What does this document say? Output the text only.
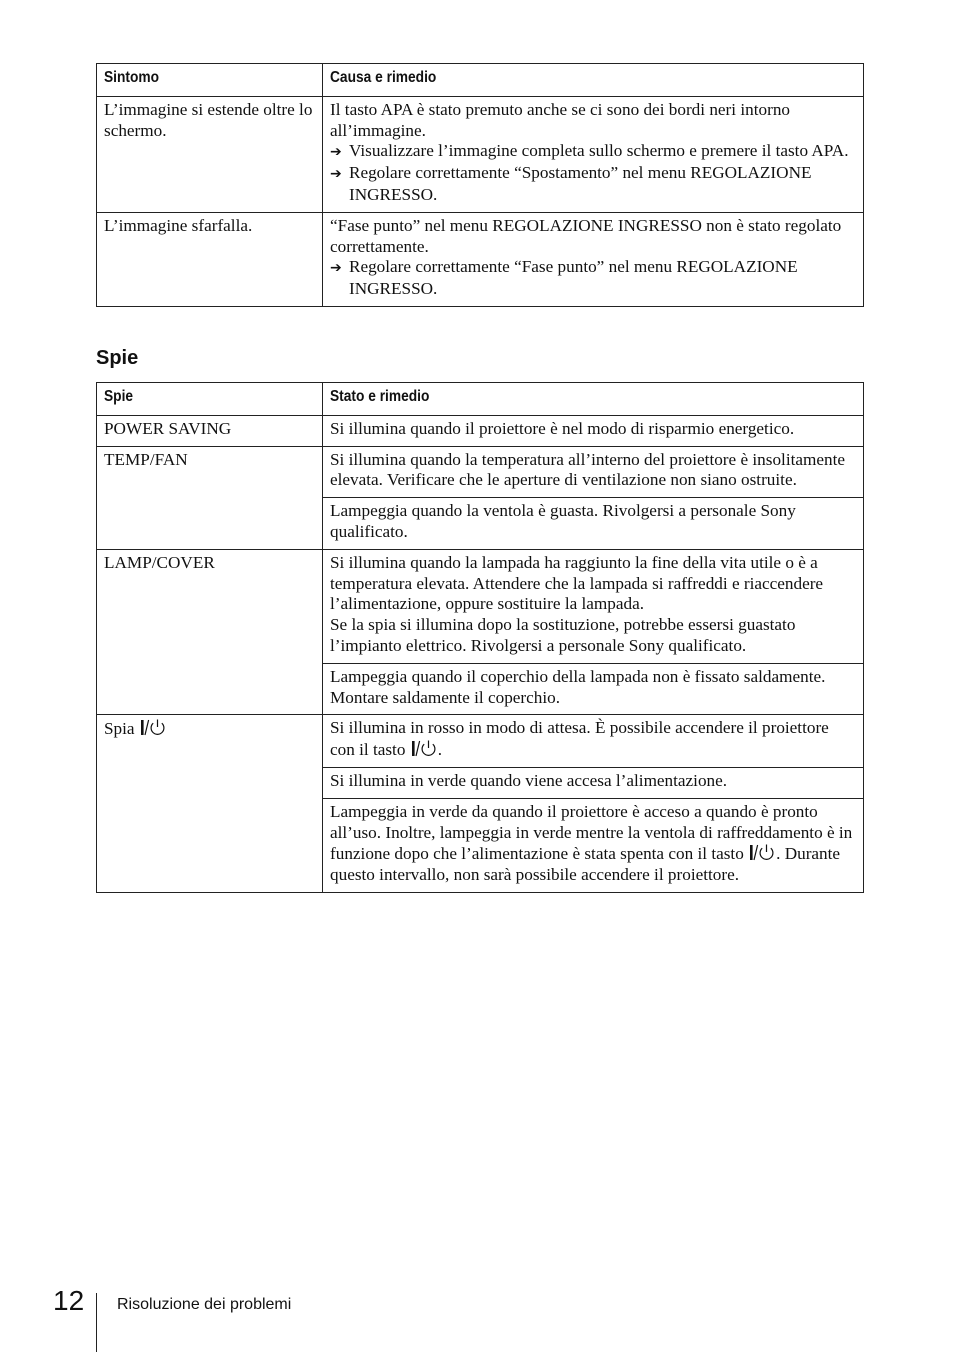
Sintomo	Causa e rimedio
L’immagine si estende oltre lo schermo.	Il tasto APA è stato premuto anche se ci sono dei bordi neri intorno all’immagine.
➔ Visualizzare l’immagine completa sullo schermo e premere il tasto APA.
➔ Regolare correttamente “Spostamento” nel menu REGOLAZIONE INGRESSO.

L’immagine sfarfalla.	“Fase punto” nel menu REGOLAZIONE INGRESSO non è stato regolato correttamente.
➔ Regolare correttamente “Fase punto” nel menu REGOLAZIONE INGRESSO.
Spie
Spie	Stato e rimedio
POWER SAVING	Si illumina quando il proiettore è nel modo di risparmio energetico.
TEMP/FAN	Si illumina quando la temperatura all’interno del proiettore è insolitamente elevata. Verificare che le aperture di ventilazione non siano ostruite.
	Lampeggia quando la ventola è guasta. Rivolgersi a personale Sony qualificato.
LAMP/COVER	Si illumina quando la lampada ha raggiunto la fine della vita utile o è a temperatura elevata. Attendere che la lampada si raffreddi e riaccendere l’alimentazione, oppure sostituire la lampada.
Se la spia si illumina dopo la sostituzione, potrebbe essersi guastato l’impianto elettrico. Rivolgersi a personale Sony qualificato.
	Lampeggia quando il coperchio della lampada non è fissato saldamente. Montare saldamente il coperchio.
Spia	Si illumina in rosso in modo di attesa. È possibile accendere il proiettore con il tasto .
	Si illumina in verde quando viene accesa l’alimentazione.
	Lampeggia in verde da quando il proiettore è acceso a quando è pronto all’uso. Inoltre, lampeggia in verde mentre la ventola di raffreddamento è in funzione dopo che l’alimentazione è stata spenta con il tasto . Durante questo intervallo, non sarà possibile accendere il proiettore.
12 Risoluzione dei problemi
